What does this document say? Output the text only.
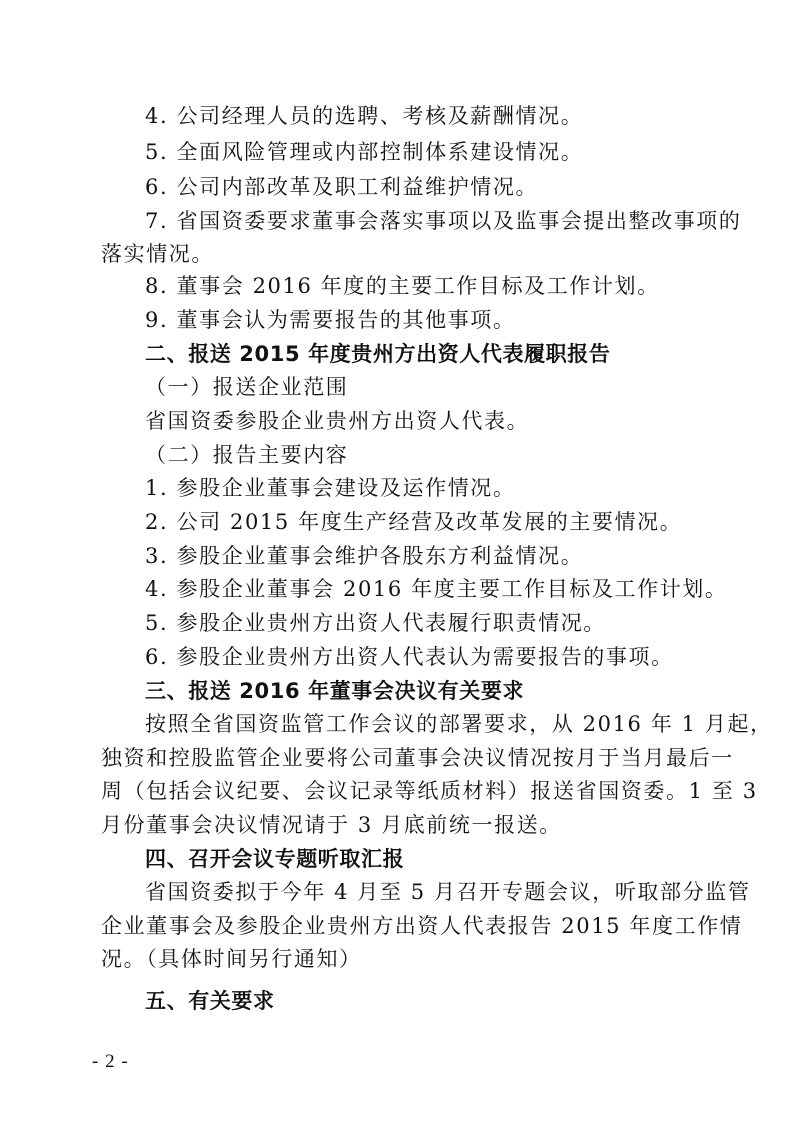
4. 公司经理人员的选聘、考核及薪酬情况。
5. 全面风险管理或内部控制体系建设情况。
6. 公司内部改革及职工利益维护情况。
7. 省国资委要求董事会落实事项以及监事会提出整改事项的
落实情况。
8. 董事会 2016 年度的主要工作目标及工作计划。
9. 董事会认为需要报告的其他事项。
二、报送 2015 年度贵州方出资人代表履职报告
（一）报送企业范围
省国资委参股企业贵州方出资人代表。
（二）报告主要内容
1. 参股企业董事会建设及运作情况。
2. 公司 2015 年度生产经营及改革发展的主要情况。
3. 参股企业董事会维护各股东方利益情况。
4. 参股企业董事会 2016 年度主要工作目标及工作计划。
5. 参股企业贵州方出资人代表履行职责情况。
6. 参股企业贵州方出资人代表认为需要报告的事项。
三、报送 2016 年董事会决议有关要求
按照全省国资监管工作会议的部署要求，从 2016 年 1 月起，
独资和控股监管企业要将公司董事会决议情况按月于当月最后一
周（包括会议纪要、会议记录等纸质材料）报送省国资委。1 至 3
月份董事会决议情况请于 3 月底前统一报送。
四、召开会议专题听取汇报
省国资委拟于今年 4 月至 5 月召开专题会议，听取部分监管
企业董事会及参股企业贵州方出资人代表报告 2015 年度工作情
况。（具体时间另行通知）
五、有关要求
- 2 -
